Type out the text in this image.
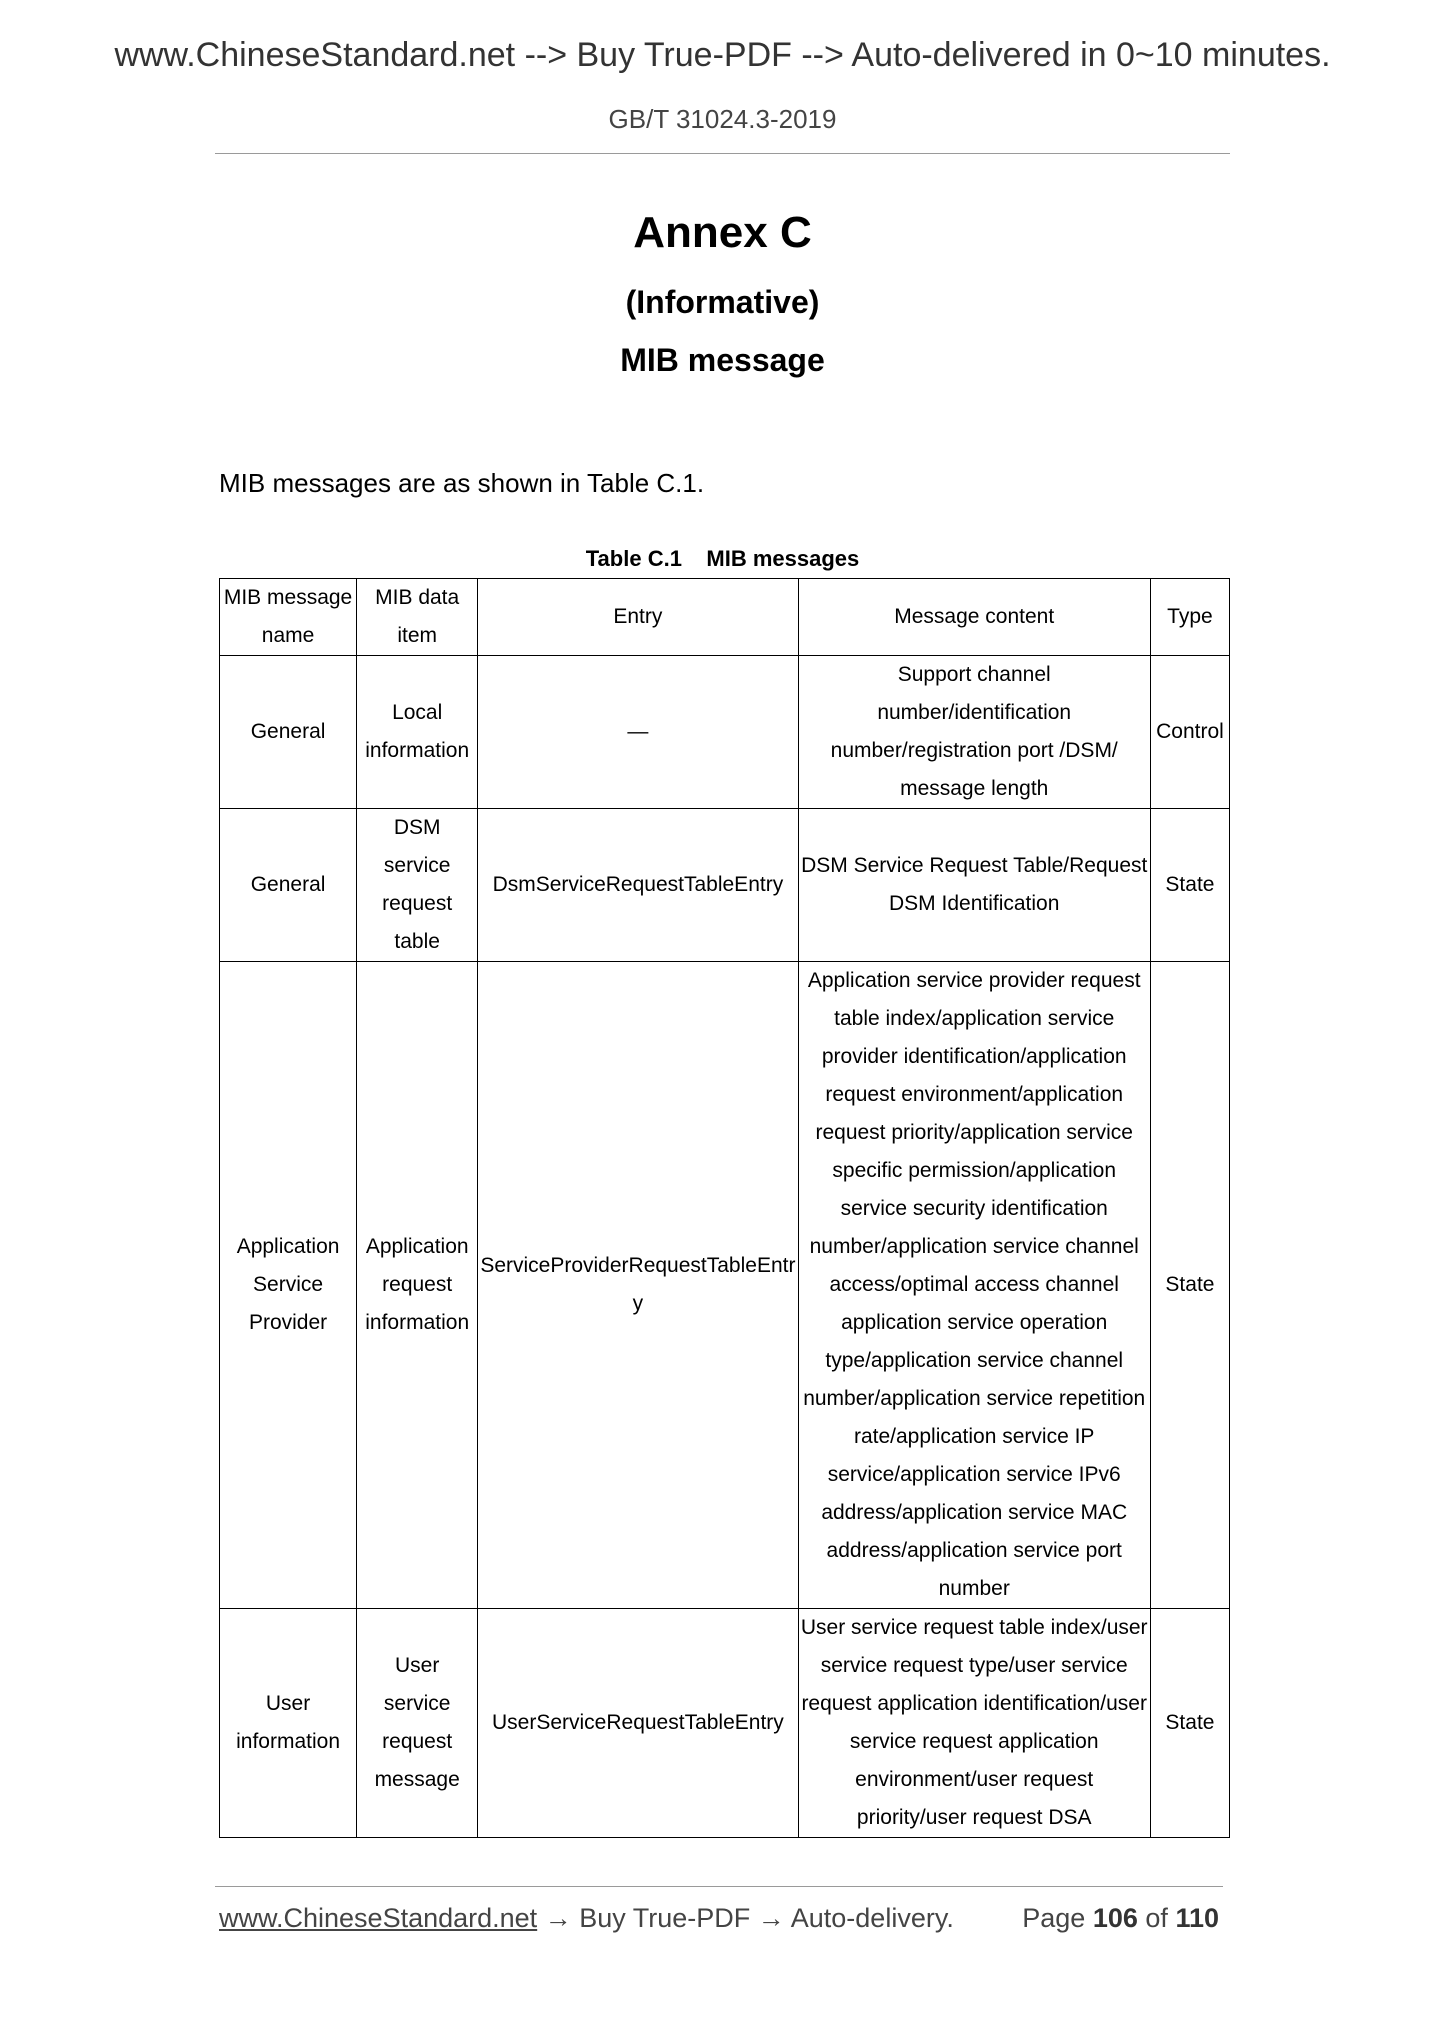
www.ChineseStandard.net --> Buy True-PDF --> Auto-delivered in 0~10 minutes.
GB/T 31024.3-2019
Annex C
(Informative)
MIB message
MIB messages are as shown in Table C.1.
Table C.1    MIB messages
MIB message name	MIB data item	Entry	Message content	Type
General	Local information	—	Support channel number/identification number/registration port /DSM/ message length	Control
General	DSM service request table	DsmServiceRequestTableEntry	DSM Service Request Table/Request DSM Identification	State
Application Service Provider	Application request information	ServiceProviderRequestTableEntry	Application service provider request table index/application service provider identification/application request environment/application request priority/application service specific permission/application service security identification number/application service channel access/optimal access channel application service operation type/application service channel number/application service repetition rate/application service IP service/application service IPv6 address/application service MAC address/application service port number	State
User information	User service request message	UserServiceRequestTableEntry	User service request table index/user service request type/user service request application identification/user service request application environment/user request priority/user request DSA	State
www.ChineseStandard.net → Buy True-PDF → Auto-delivery.	Page 106 of 110
